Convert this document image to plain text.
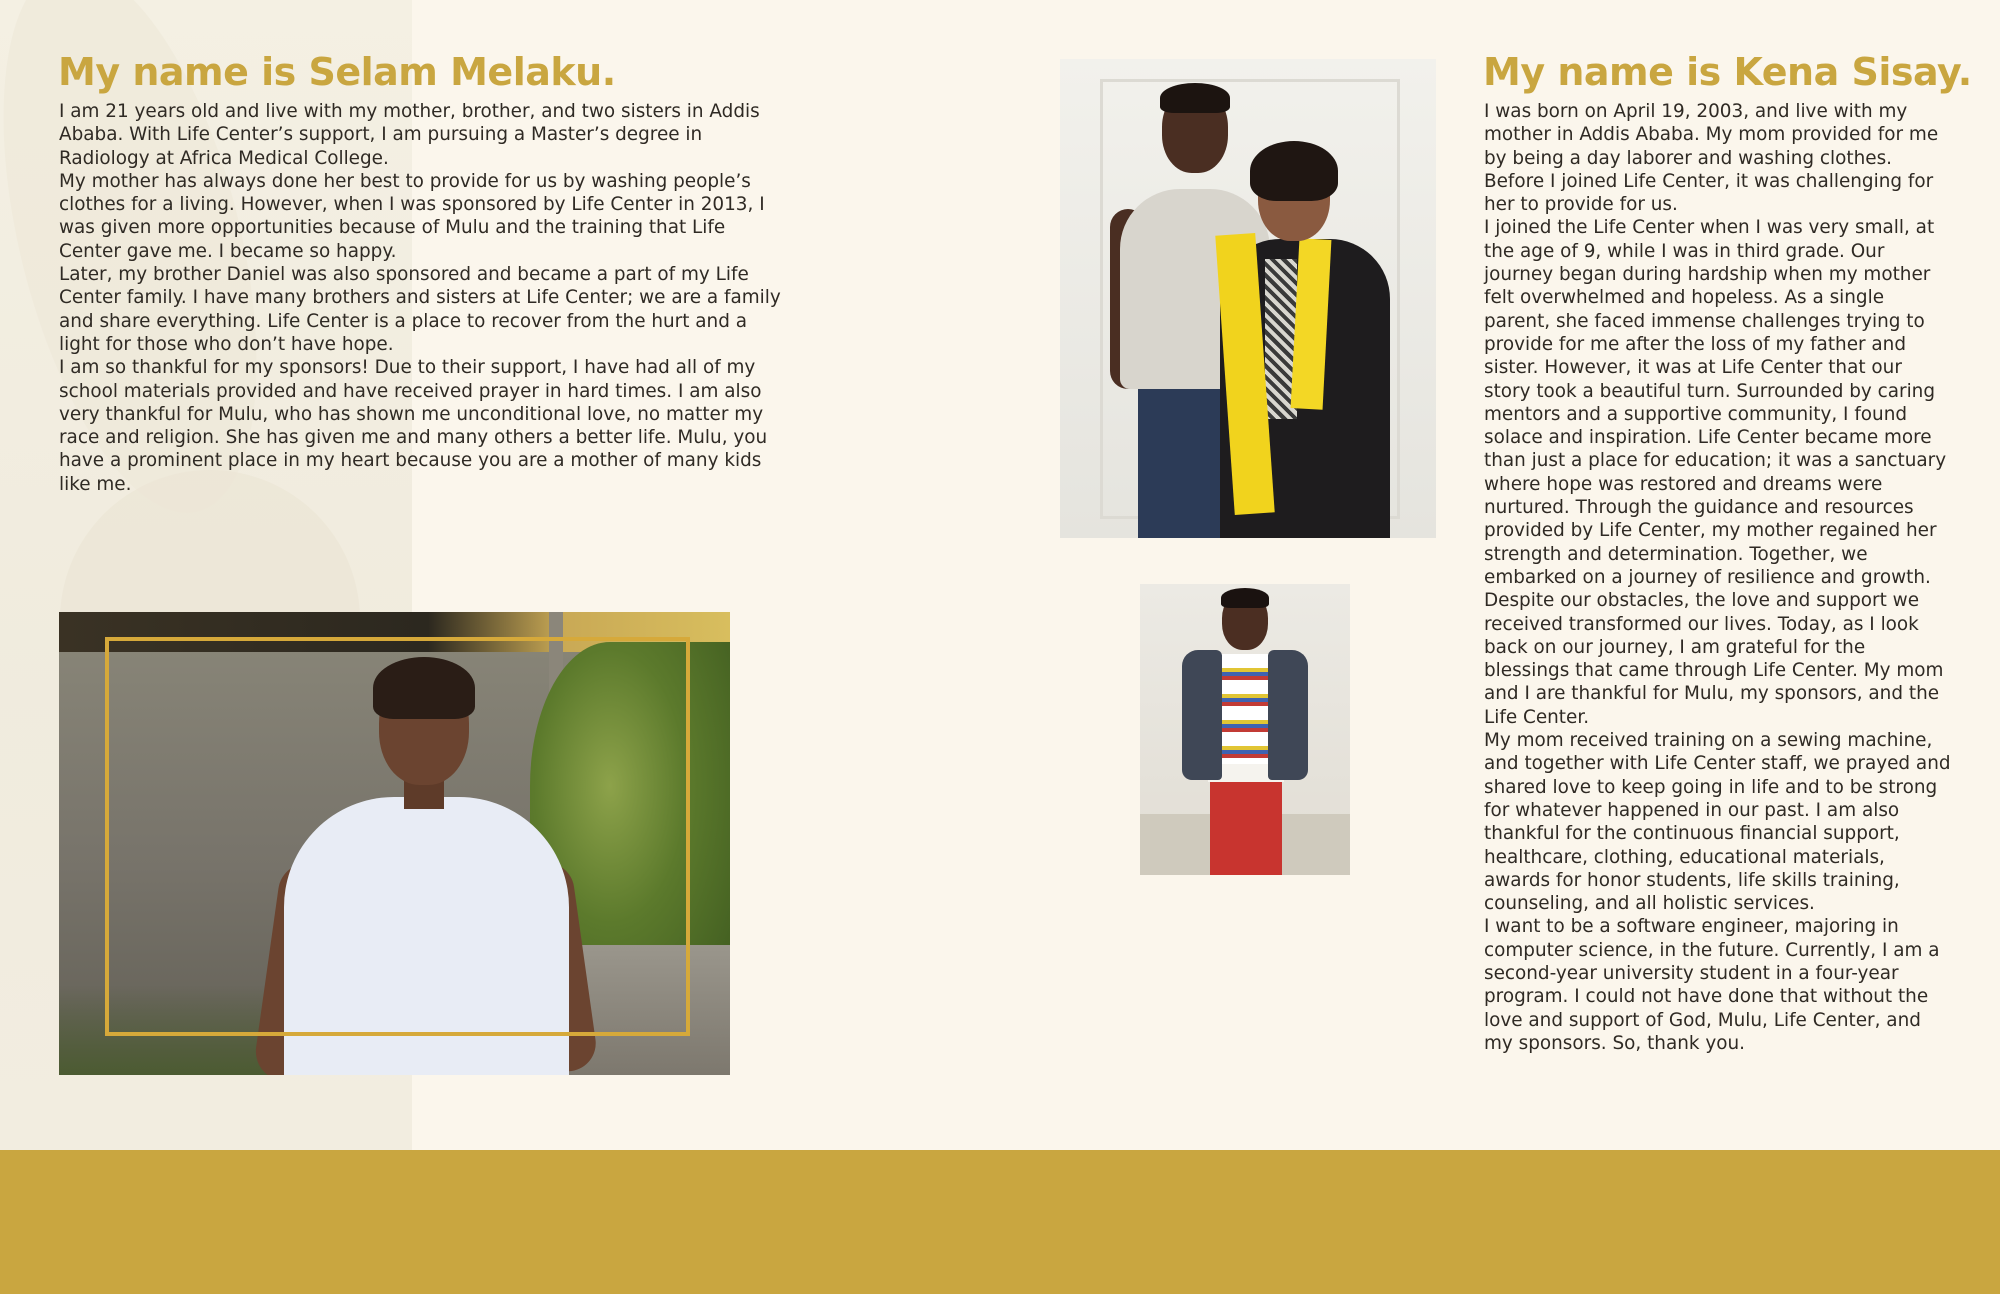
My name is Selam Melaku.

I am 21 years old and live with my mother, brother, and two sisters in Addis Ababa. With Life Center’s support, I am pursuing a Master’s degree in Radiology at Africa Medical College.

My mother has always done her best to provide for us by washing people’s clothes for a living. However, when I was sponsored by Life Center in 2013, I was given more opportunities because of Mulu and the training that Life Center gave me. I became so happy.

Later, my brother Daniel was also sponsored and became a part of my Life Center family. I have many brothers and sisters at Life Center; we are a family and share everything. Life Center is a place to recover from the hurt and a light for those who don’t have hope.

I am so thankful for my sponsors! Due to their support, I have had all of my school materials provided and have received prayer in hard times. I am also very thankful for Mulu, who has shown me unconditional love, no matter my race and religion. She has given me and many others a better life. Mulu, you have a prominent place in my heart because you are a mother of many kids like me.

My name is Kena Sisay.

I was born on April 19, 2003, and live with my mother in Addis Ababa. My mom provided for me by being a day laborer and washing clothes. Before I joined Life Center, it was challenging for her to provide for us.

I joined the Life Center when I was very small, at the age of 9, while I was in third grade. Our journey began during hardship when my mother felt overwhelmed and hopeless. As a single parent, she faced immense challenges trying to provide for me after the loss of my father and sister. However, it was at Life Center that our story took a beautiful turn. Surrounded by caring mentors and a supportive community, I found solace and inspiration. Life Center became more than just a place for education; it was a sanctuary where hope was restored and dreams were nurtured. Through the guidance and resources provided by Life Center, my mother regained her strength and determination. Together, we embarked on a journey of resilience and growth. Despite our obstacles, the love and support we received transformed our lives. Today, as I look back on our journey, I am grateful for the blessings that came through Life Center. My mom and I are thankful for Mulu, my sponsors, and the Life Center.

My mom received training on a sewing machine, and together with Life Center staff, we prayed and shared love to keep going in life and to be strong for whatever happened in our past. I am also thankful for the continuous financial support, healthcare, clothing, educational materials, awards for honor students, life skills training, counseling, and all holistic services.

I want to be a software engineer, majoring in computer science, in the future. Currently, I am a second-year university student in a four-year program. I could not have done that without the love and support of God, Mulu, Life Center, and my sponsors. So, thank you.
